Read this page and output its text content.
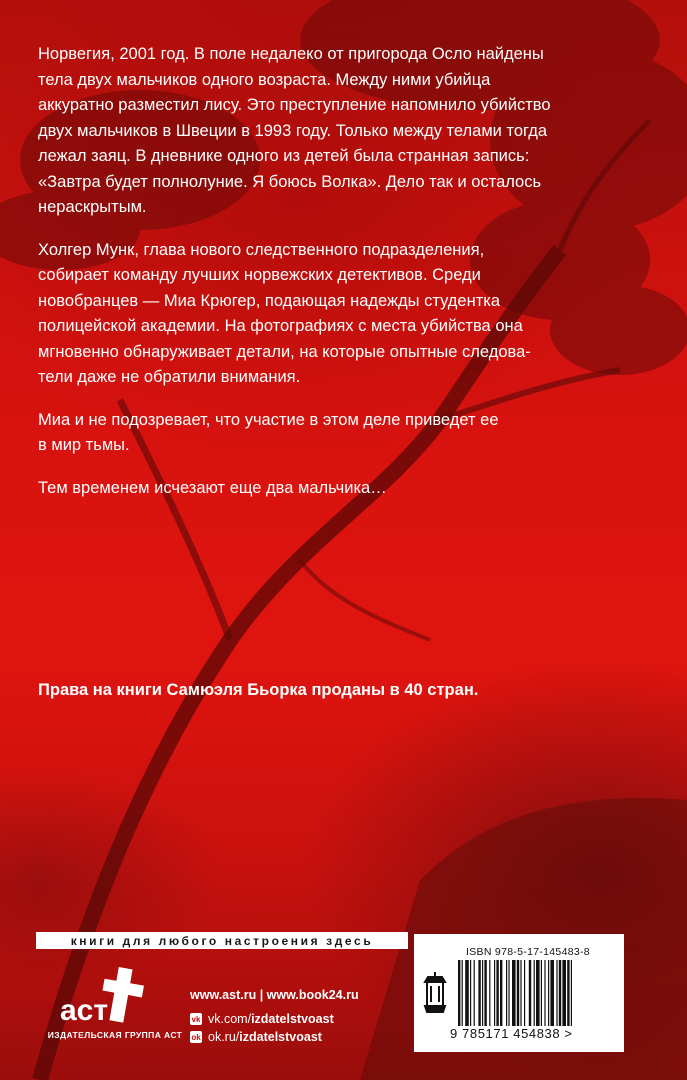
Норвегия, 2001 год. В поле недалеко от пригорода Осло найдены
тела двух мальчиков одного возраста. Между ними убийца
аккуратно разместил лису. Это преступление напомнило убийство
двух мальчиков в Швеции в 1993 году. Только между телами тогда
лежал заяц. В дневнике одного из детей была странная запись:
«Завтра будет полнолуние. Я боюсь Волка». Дело так и осталось
нераскрытым.

Холгер Мунк, глава нового следственного подразделения,
собирает команду лучших норвежских детективов. Среди
новобранцев — Миа Крюгер, подающая надежды студентка
полицейской академии. На фотографиях с места убийства она
мгновенно обнаруживает детали, на которые опытные следова-
тели даже не обратили внимания.

Миа и не подозревает, что участие в этом деле приведет ее
в мир тьмы.

Тем временем исчезают еще два мальчика…

Права на книги Самюэля Бьорка проданы в 40 стран.
книги для любого настроения здесь
аст
ИЗДАТЕЛЬСКАЯ ГРУППА АСТ
www.ast.ru | www.book24.ru
vk vk.com/ izdatelstvoast
ok ok.ru/ izdatelstvoast
ISBN 978-5-17-145483-8
9 785171 454838 >
